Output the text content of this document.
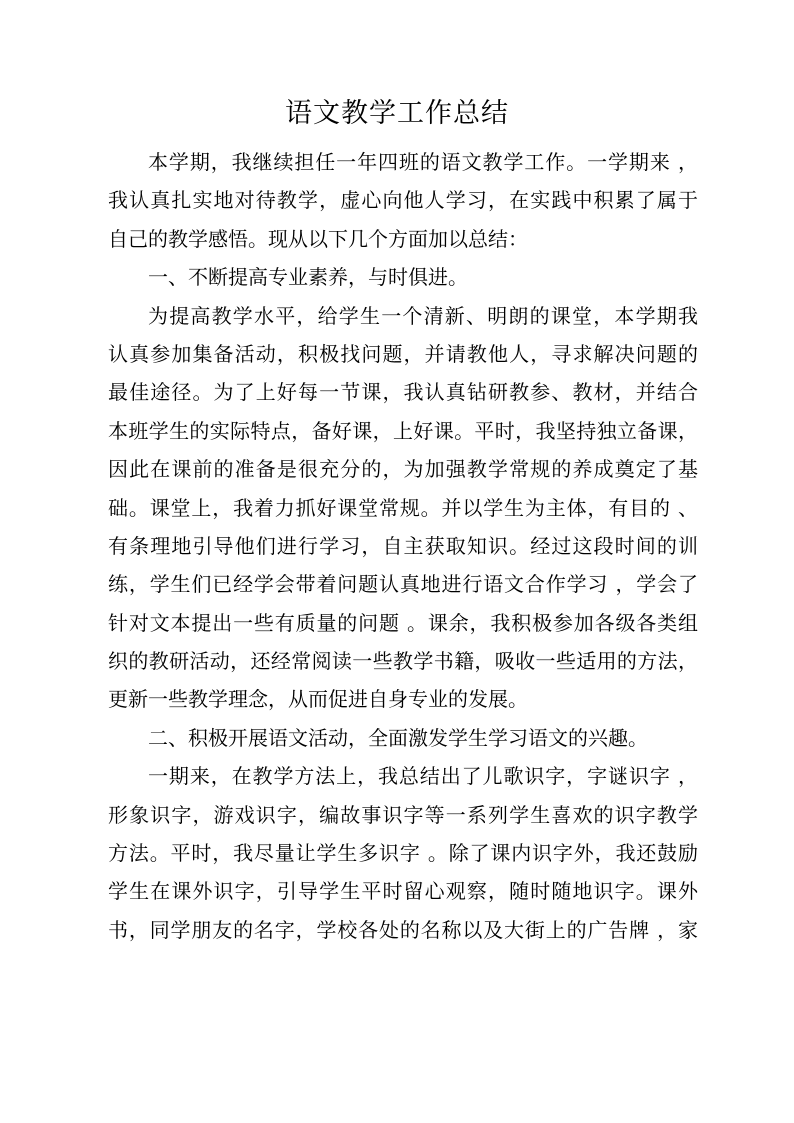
语文教学工作总结
本学期，我继续担任一年四班的语文教学工作。一学期来 ，
我认真扎实地对待教学，虚心向他人学习，在实践中积累了属于
自己的教学感悟。现从以下几个方面加以总结：
一、不断提高专业素养，与时俱进。
为提高教学水平，给学生一个清新、明朗的课堂，本学期我
认真参加集备活动，积极找问题，并请教他人，寻求解决问题的
最佳途径。为了上好每一节课，我认真钻研教参、教材，并结合
本班学生的实际特点，备好课，上好课。平时，我坚持独立备课，
因此在课前的准备是很充分的，为加强教学常规的养成奠定了基
础。课堂上，我着力抓好课堂常规。并以学生为主体，有目的 、
有条理地引导他们进行学习，自主获取知识。经过这段时间的训
练，学生们已经学会带着问题认真地进行语文合作学习 ，学会了
针对文本提出一些有质量的问题 。课余，我积极参加各级各类组
织的教研活动，还经常阅读一些教学书籍，吸收一些适用的方法，
更新一些教学理念，从而促进自身专业的发展。
二、积极开展语文活动，全面激发学生学习语文的兴趣。
一期来，在教学方法上，我总结出了儿歌识字，字谜识字 ，
形象识字，游戏识字，编故事识字等一系列学生喜欢的识字教学
方法。平时，我尽量让学生多识字 。除了课内识字外，我还鼓励
学生在课外识字，引导学生平时留心观察，随时随地识字。课外
书，同学朋友的名字，学校各处的名称以及大街上的广告牌 ，家
